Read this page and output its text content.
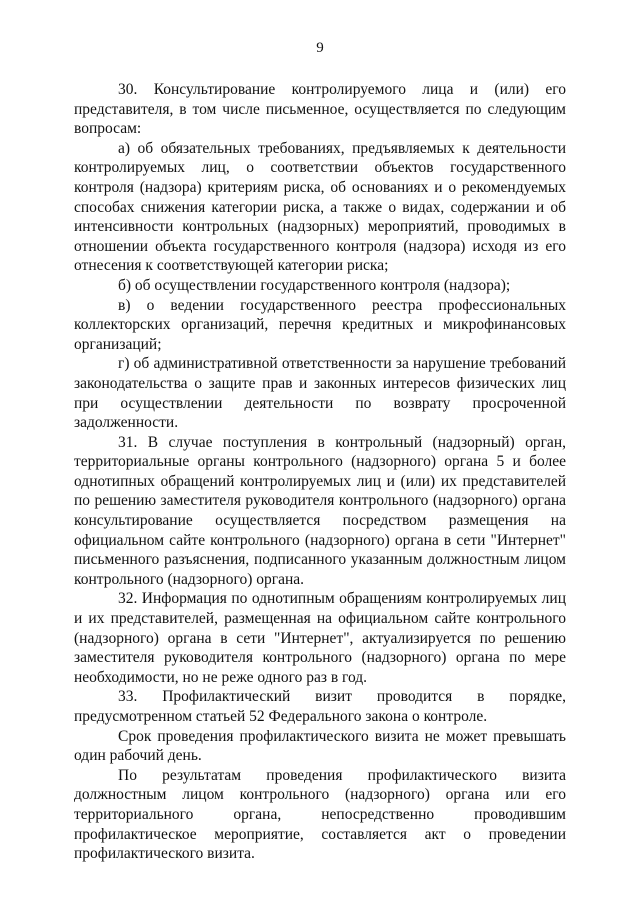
9

30. Консультирование контролируемого лица и (или) его представителя, в том числе письменное, осуществляется по следующим вопросам:

а) об обязательных требованиях, предъявляемых к деятельности контролируемых лиц, о соответствии объектов государственного контроля (надзора) критериям риска, об основаниях и о рекомендуемых способах снижения категории риска, а также о видах, содержании и об интенсивности контрольных (надзорных) мероприятий, проводимых в отношении объекта государственного контроля (надзора) исходя из его отнесения к соответствующей категории риска;

б) об осуществлении государственного контроля (надзора);

в) о ведении государственного реестра профессиональных коллекторских организаций, перечня кредитных и микрофинансовых организаций;

г) об административной ответственности за нарушение требований законодательства о защите прав и законных интересов физических лиц при осуществлении деятельности по возврату просроченной задолженности.

31. В случае поступления в контрольный (надзорный) орган, территориальные органы контрольного (надзорного) органа 5 и более однотипных обращений контролируемых лиц и (или) их представителей по решению заместителя руководителя контрольного (надзорного) органа консультирование осуществляется посредством размещения на официальном сайте контрольного (надзорного) органа в сети "Интернет" письменного разъяснения, подписанного указанным должностным лицом контрольного (надзорного) органа.

32. Информация по однотипным обращениям контролируемых лиц и их представителей, размещенная на официальном сайте контрольного (надзорного) органа в сети "Интернет", актуализируется по решению заместителя руководителя контрольного (надзорного) органа по мере необходимости, но не реже одного раз в год.

33. Профилактический визит проводится в порядке, предусмотренном статьей 52 Федерального закона о контроле.

Срок проведения профилактического визита не может превышать один рабочий день.

По результатам проведения профилактического визита должностным лицом контрольного (надзорного) органа или его территориального органа, непосредственно проводившим профилактическое мероприятие, составляется акт о проведении профилактического визита.
